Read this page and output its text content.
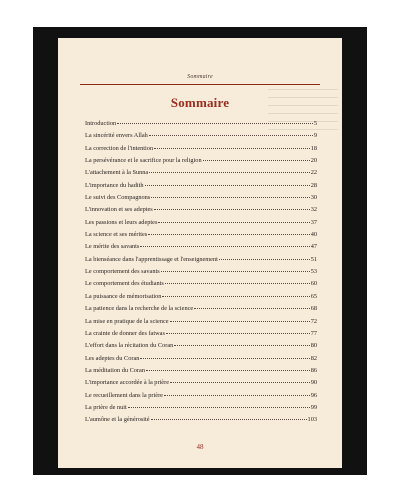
Sommaire
Sommaire
Introduction	5
La sincérité envers Allah	9
La correction de l'intention	18
La persévérance et le sacrifice pour la religion	20
L'attachement à la Sunna	22
L'importance du hadith	28
Le suivi des Compagnons	30
L'innovation et ses adeptes	32
Les passions et leurs adeptes	37
La science et ses mérites	40
Le mérite des savants	47
La bienséance dans l'apprentissage et l'enseignement	51
Le comportement des savants	53
Le comportement des étudiants	60
La puissance de mémorisation	65
La patience dans la recherche de la science	68
La mise en pratique de la science	72
La crainte de donner des fatwas	77
L'effort dans la récitation du Coran	80
Les adeptes du Coran	82
La méditation du Coran	86
L'importance accordée à la prière	90
Le recueillement dans la prière	96
La prière de nuit	99
L'aumône et la générosité	103
48
